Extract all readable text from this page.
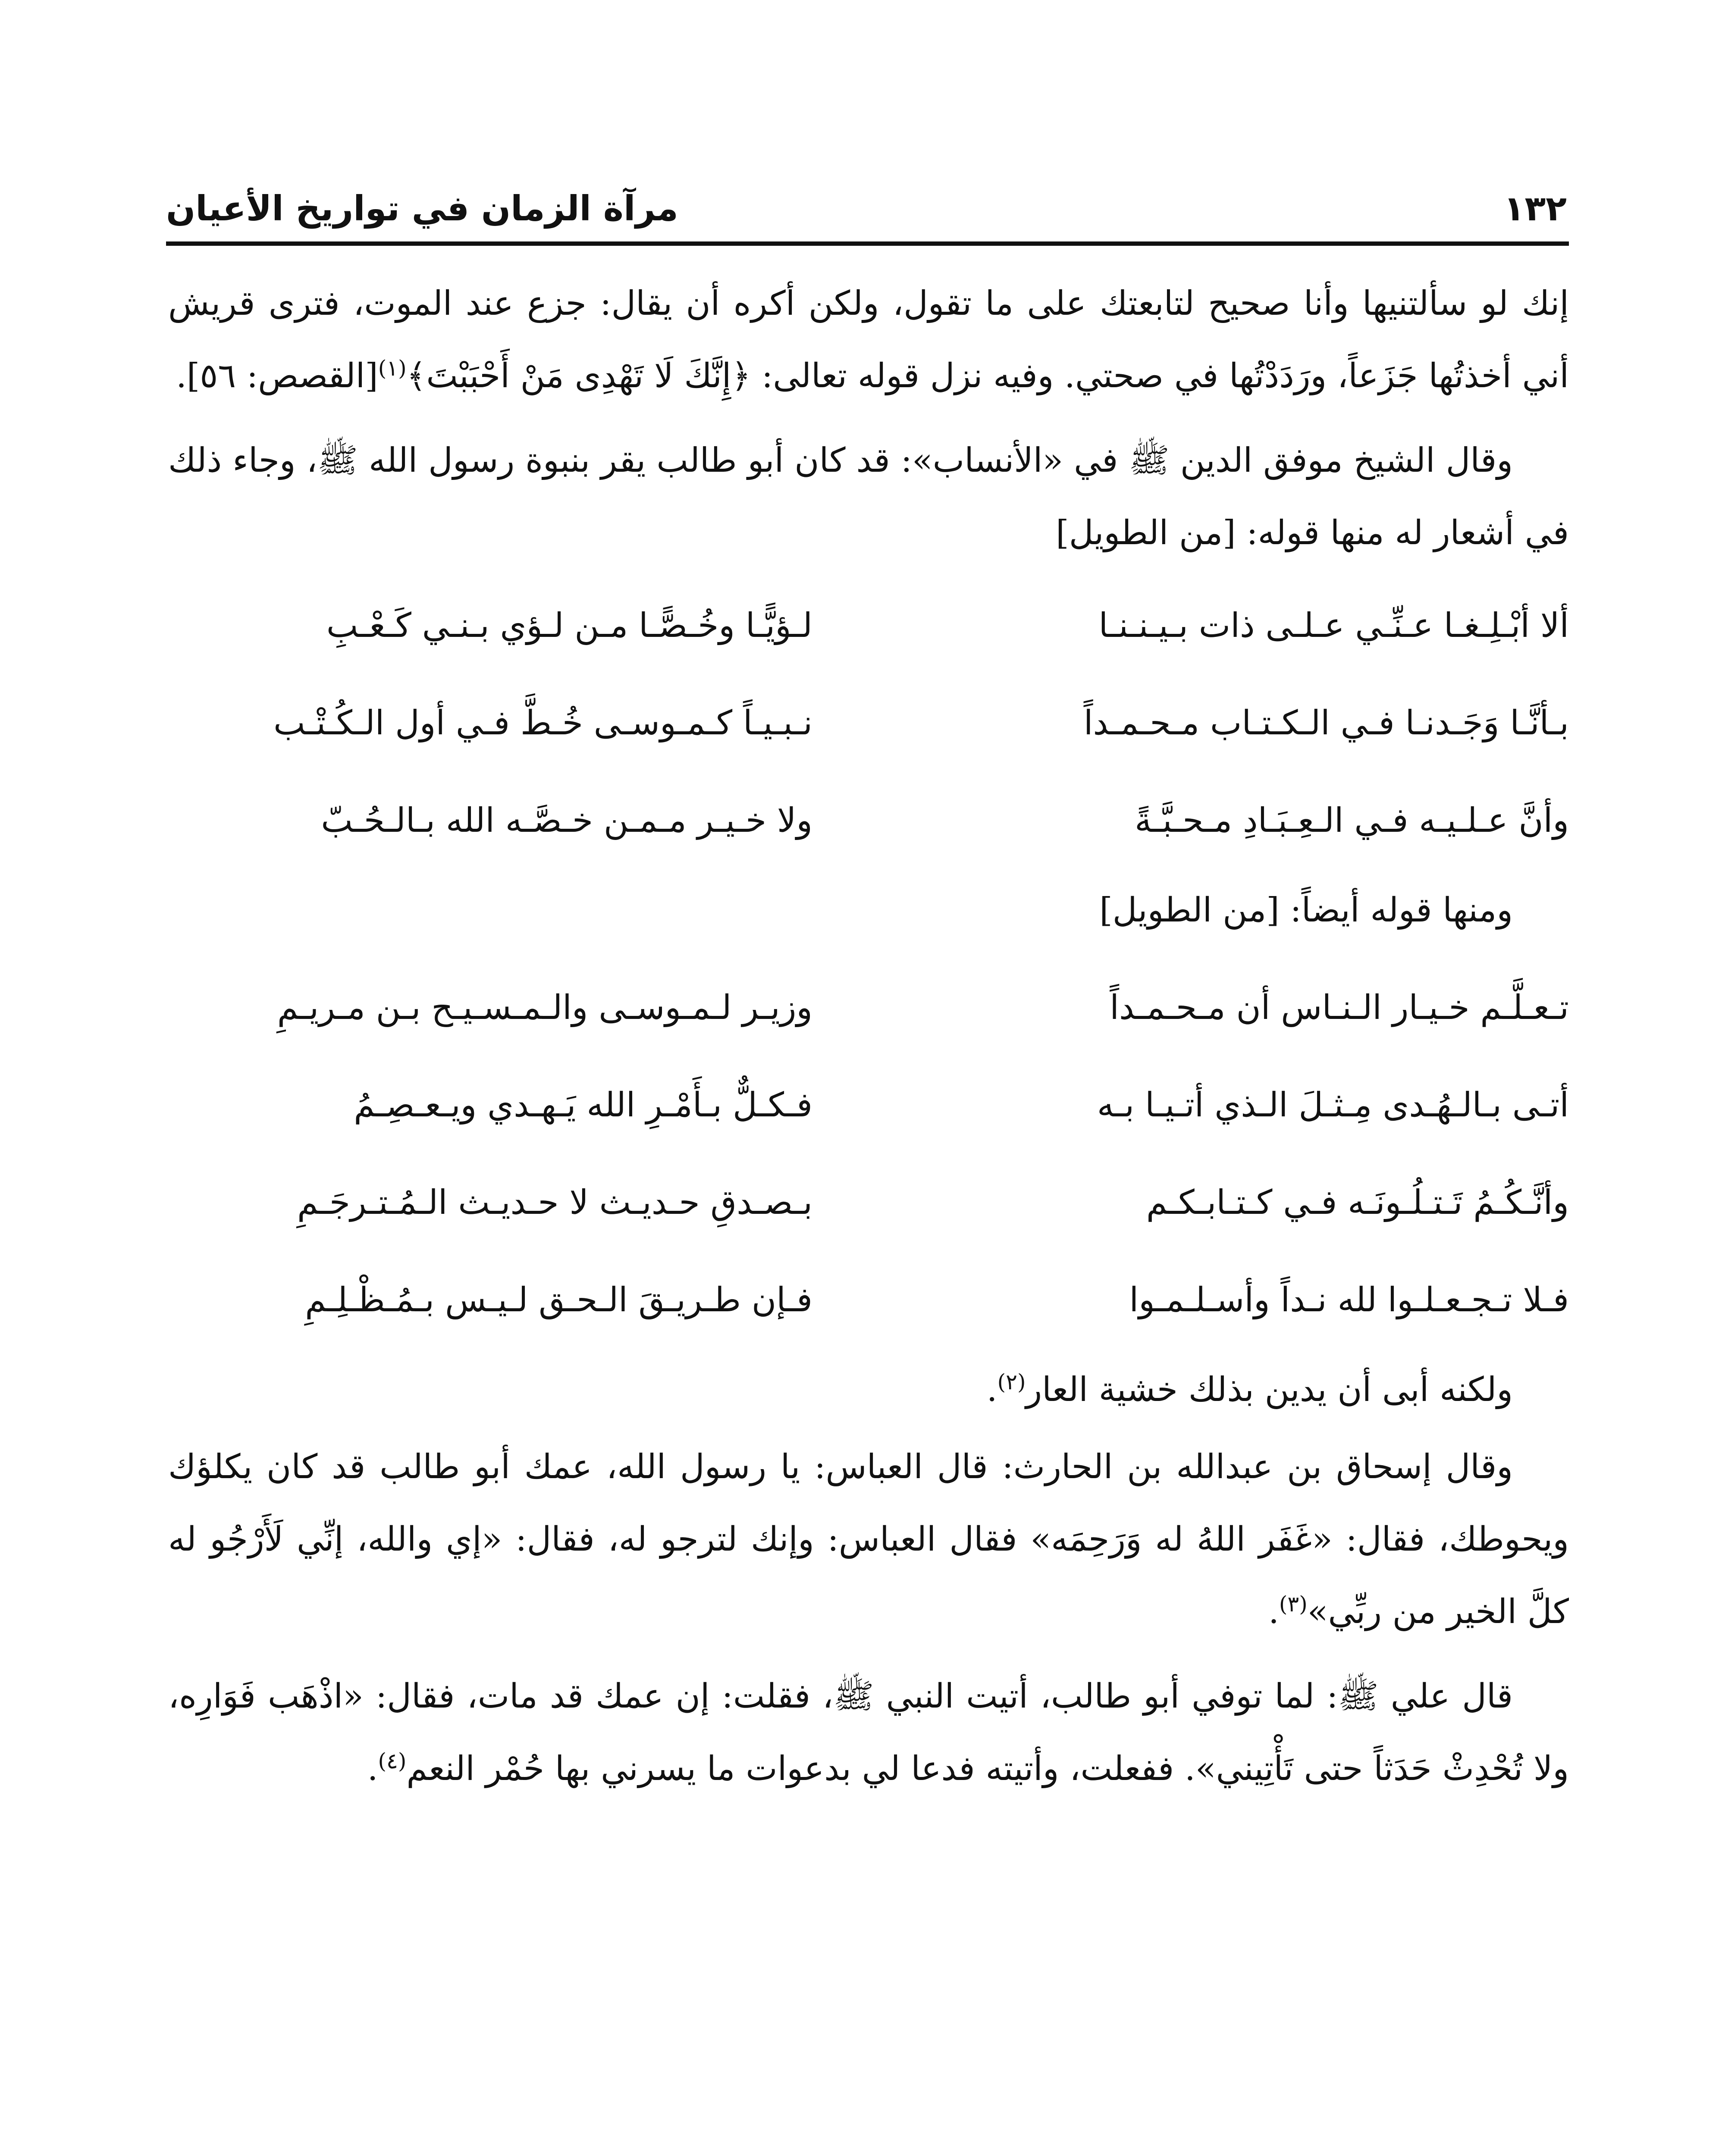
١٣٢
مرآة الزمان في تواريخ الأعيان

إنك لو سألتنيها وأنا صحيح لتابعتك على ما تقول، ولكن أكره أن يقال: جزع عند الموت، فترى قريش أني أخذتُها جَزَعاً، ورَدَدْتُها في صحتي. وفيه نزل قوله تعالى: ﴿إِنَّكَ لَا تَهْدِى مَنْ أَحْبَبْتَ﴾$^{(١)}$[القصص: ٥٦].

وقال الشيخ موفق الدين ﷺ في «الأنساب»: قد كان أبو طالب يقر بنبوة رسول الله ﷺ، وجاء ذلك في أشعار له منها قوله: [من الطويل]

ألا أبْـلِـغـا عـنِّـي عـلـى ذات بـيـنـنـا
لـؤيًّـا وخُـصًّـا مـن لـؤي بـنـي كَـعْـبِ
بـأنَّـا وَجَـدنـا فـي الـكـتـاب مـحـمـداً
نـبـيـاً كـمـوسـى خُـطَّ فـي أول الـكُـتْـب
وأنَّ عـلـيـه فـي الـعِـبَـادِ مـحـبَّـةً
ولا خـيـر مـمـن خـصَّـه الله بـالـحُـبّ

ومنها قوله أيضاً: [من الطويل]

تـعـلَّـم خـيـار الـنـاس أن مـحـمـداً
وزيـر لـمـوسـى والـمـسـيـح بـن مـريـمِ
أتـى بـالـهُـدى مِـثـلَ الـذي أتـيـا بـه
فـكـلٌّ بـأَمْـرِ الله يَـهـدي ويـعـصِـمُ
وأنَّـكُـمُ تَـتـلُـونَـه فـي كـتـابـكـم
بـصـدقِ حـديـث لا حـديـث الـمُـتـرجَـمِ
فـلا تـجـعـلـوا لله نـداً وأسـلـمـوا
فـإن طـريـقَ الـحـق لـيـس بـمُـظْـلِـمِ

ولكنه أبى أن يدين بذلك خشية العار$^{(٢)}$.

وقال إسحاق بن عبدالله بن الحارث: قال العباس: يا رسول الله، عمك أبو طالب قد كان يكلؤك ويحوطك، فقال: «غَفَر اللهُ له وَرَحِمَه» فقال العباس: وإنك لترجو له، فقال: «إي والله، إنِّي لَأَرْجُو له كلَّ الخير من ربِّي»$^{(٣)}$.

قال علي ﷺ: لما توفي أبو طالب، أتيت النبي ﷺ، فقلت: إن عمك قد مات، فقال: «اذْهَب فَوَارِه، ولا تُحْدِثْ حَدَثاً حتى تَأْتِيني». ففعلت، وأتيته فدعا لي بدعوات ما يسرني بها حُمْر النعم$^{(٤)}$.
